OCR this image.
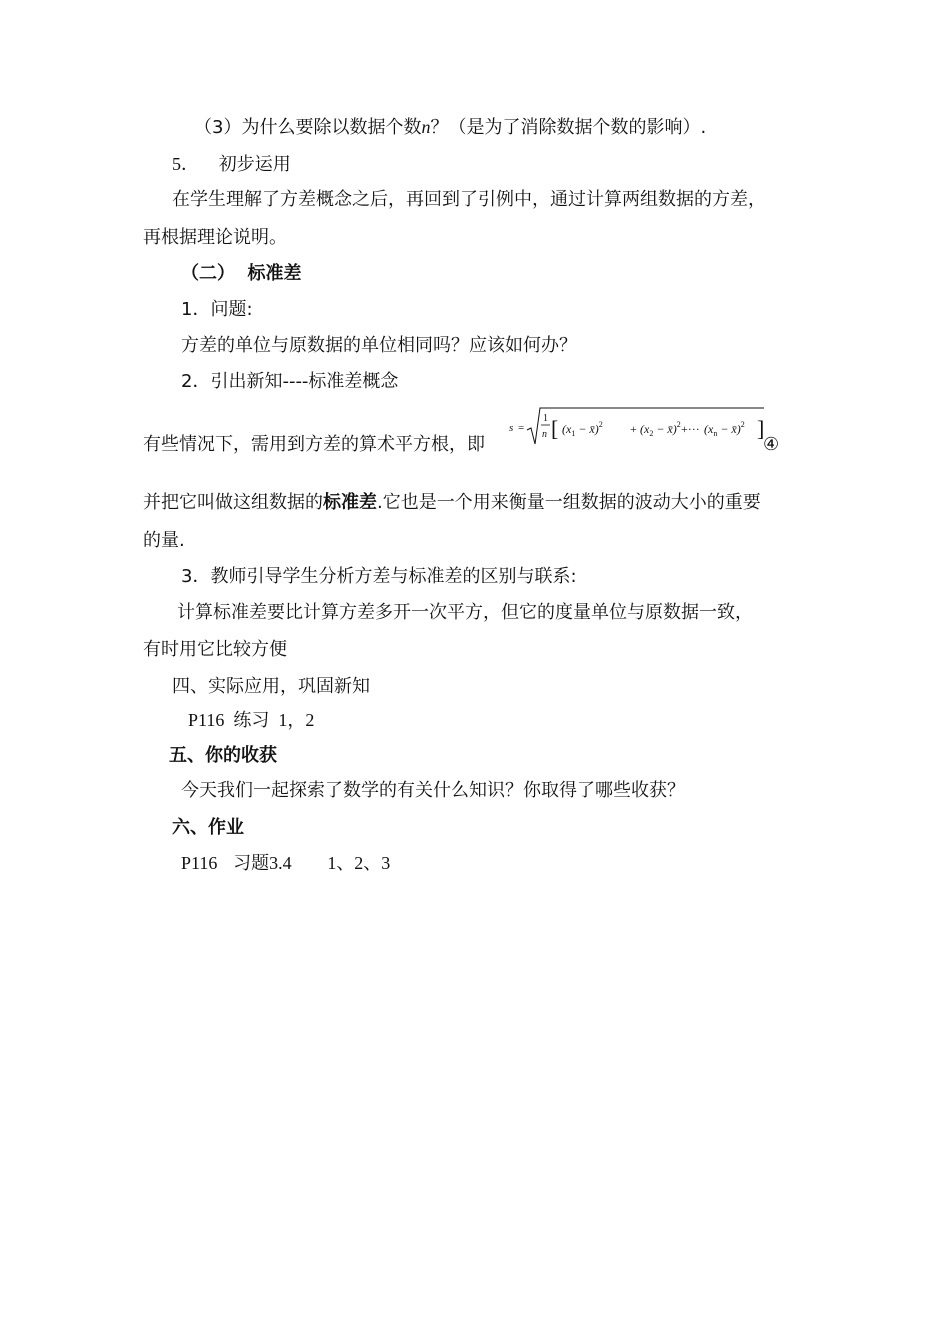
（3）为什么要除以数据个数n？（是为了消除数据个数的影响）.
5． 初步运用
在学生理解了方差概念之后，再回到了引例中，通过计算两组数据的方差，
再根据理论说明。
（二）  标准差
1．问题:
方差的单位与原数据的单位相同吗？应该如何办？
2．引出新知----标准差概念
有些情况下，需用到方差的算术平方根，即
s =
1
n [ ($x_1$ − x̄)$^2$ + ($x_2$ − x̄)$^2$ +··· ($x_n$ − x̄)$^2$ ]
④
并把它叫做这组数据的标准差.它也是一个用来衡量一组数据的波动大小的重要
的量.
3．教师引导学生分析方差与标准差的区别与联系:
计算标准差要比计算方差多开一次平方，但它的度量单位与原数据一致，
有时用它比较方便
四、实际应用，巩固新知
P116  练习  1，2
五、你的收获
今天我们一起探索了数学的有关什么知识？你取得了哪些收获？
六、作业
P116 习题3.4 1、2、3
